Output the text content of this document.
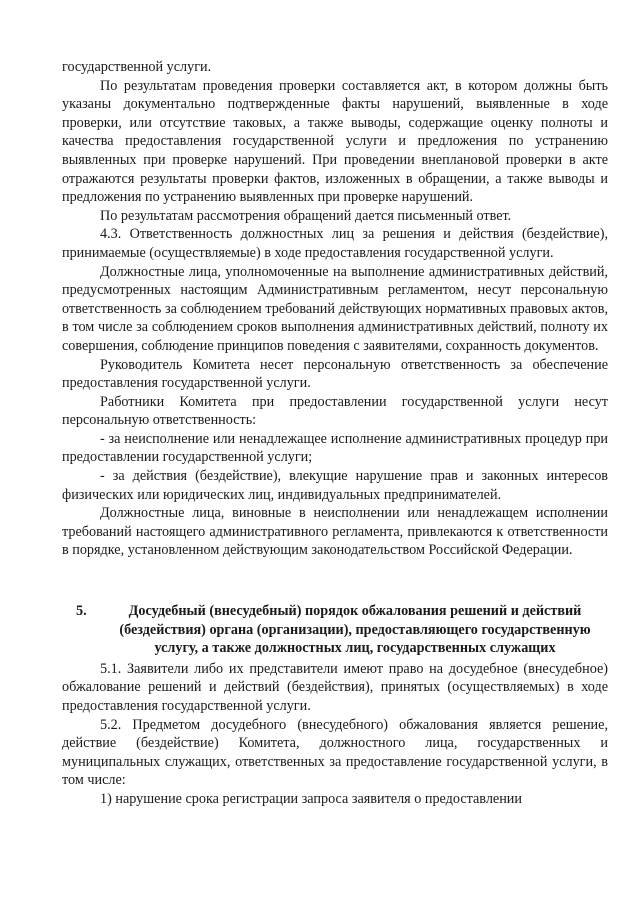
государственной услуги.

По результатам проведения проверки составляется акт, в котором должны быть указаны документально подтвержденные факты нарушений, выявленные в ходе проверки, или отсутствие таковых, а также выводы, содержащие оценку полноты и качества предоставления государственной услуги и предложения по устранению выявленных при проверке нарушений. При проведении внеплановой проверки в акте отражаются результаты проверки фактов, изложенных в обращении, а также выводы и предложения по устранению выявленных при проверке нарушений.

По результатам рассмотрения обращений дается письменный ответ.

4.3. Ответственность должностных лиц за решения и действия (бездействие), принимаемые (осуществляемые) в ходе предоставления государственной услуги.

Должностные лица, уполномоченные на выполнение административных действий, предусмотренных настоящим Административным регламентом, несут персональную ответственность за соблюдением требований действующих нормативных правовых актов, в том числе за соблюдением сроков выполнения административных действий, полноту их совершения, соблюдение принципов поведения с заявителями, сохранность документов.

Руководитель Комитета несет персональную ответственность за обеспечение предоставления государственной услуги.

Работники Комитета при предоставлении государственной услуги несут персональную ответственность:

- за неисполнение или ненадлежащее исполнение административных процедур при предоставлении государственной услуги;

- за действия (бездействие), влекущие нарушение прав и законных интересов физических или юридических лиц, индивидуальных предпринимателей.

Должностные лица, виновные в неисполнении или ненадлежащем исполнении требований настоящего административного регламента, привлекаются к ответственности в порядке, установленном действующим законодательством Российской Федерации.

5.	Досудебный (внесудебный) порядок обжалования решений и действий (бездействия) органа (организации), предоставляющего государственную услугу, а также должностных лиц, государственных служащих

5.1. Заявители либо их представители имеют право на досудебное (внесудебное) обжалование решений и действий (бездействия), принятых (осуществляемых) в ходе предоставления государственной услуги.

5.2. Предметом досудебного (внесудебного) обжалования является решение, действие (бездействие) Комитета, должностного лица, государственных и муниципальных служащих, ответственных за предоставление государственной услуги, в том числе:

1) нарушение срока регистрации запроса заявителя о предоставлении
